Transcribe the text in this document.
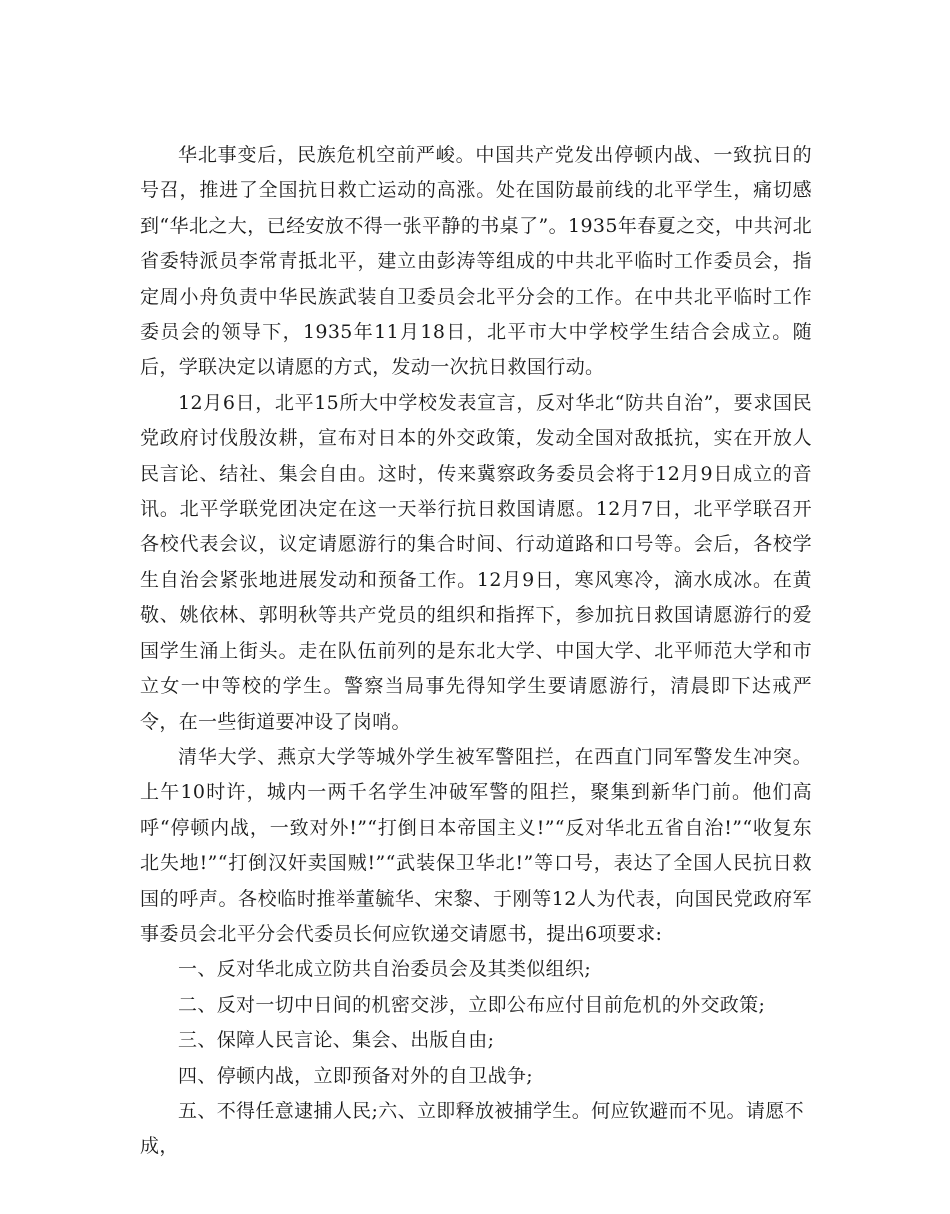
华北事变后，民族危机空前严峻。中国共产党发出停顿内战、一致抗日的号召，推进了全国抗日救亡运动的高涨。处在国防最前线的北平学生，痛切感到“华北之大，已经安放不得一张平静的书桌了”。1935年春夏之交，中共河北省委特派员李常青抵北平，建立由彭涛等组成的中共北平临时工作委员会，指定周小舟负责中华民族武装自卫委员会北平分会的工作。在中共北平临时工作委员会的领导下，1935年11月18日，北平市大中学校学生结合会成立。随后，学联决定以请愿的方式，发动一次抗日救国行动。

12月6日，北平15所大中学校发表宣言，反对华北“防共自治”，要求国民党政府讨伐殷汝耕，宣布对日本的外交政策，发动全国对敌抵抗，实在开放人民言论、结社、集会自由。这时，传来冀察政务委员会将于12月9日成立的音讯。北平学联党团决定在这一天举行抗日救国请愿。12月7日，北平学联召开各校代表会议，议定请愿游行的集合时间、行动道路和口号等。会后，各校学生自治会紧张地进展发动和预备工作。12月9日，寒风寒冷，滴水成冰。在黄敬、姚依林、郭明秋等共产党员的组织和指挥下，参加抗日救国请愿游行的爱国学生涌上街头。走在队伍前列的是东北大学、中国大学、北平师范大学和市立女一中等校的学生。警察当局事先得知学生要请愿游行，清晨即下达戒严令，在一些街道要冲设了岗哨。

清华大学、燕京大学等城外学生被军警阻拦，在西直门同军警发生冲突。上午10时许，城内一两千名学生冲破军警的阻拦，聚集到新华门前。他们高呼“停顿内战，一致对外!”“打倒日本帝国主义!”“反对华北五省自治!”“收复东北失地!”“打倒汉奸卖国贼!”“武装保卫华北!”等口号，表达了全国人民抗日救国的呼声。各校临时推举董毓华、宋黎、于刚等12人为代表，向国民党政府军事委员会北平分会代委员长何应钦递交请愿书，提出6项要求:

一、反对华北成立防共自治委员会及其类似组织;

二、反对一切中日间的机密交涉，立即公布应付目前危机的外交政策;

三、保障人民言论、集会、出版自由;

四、停顿内战，立即预备对外的自卫战争;

五、不得任意逮捕人民;六、立即释放被捕学生。何应钦避而不见。请愿不成，
